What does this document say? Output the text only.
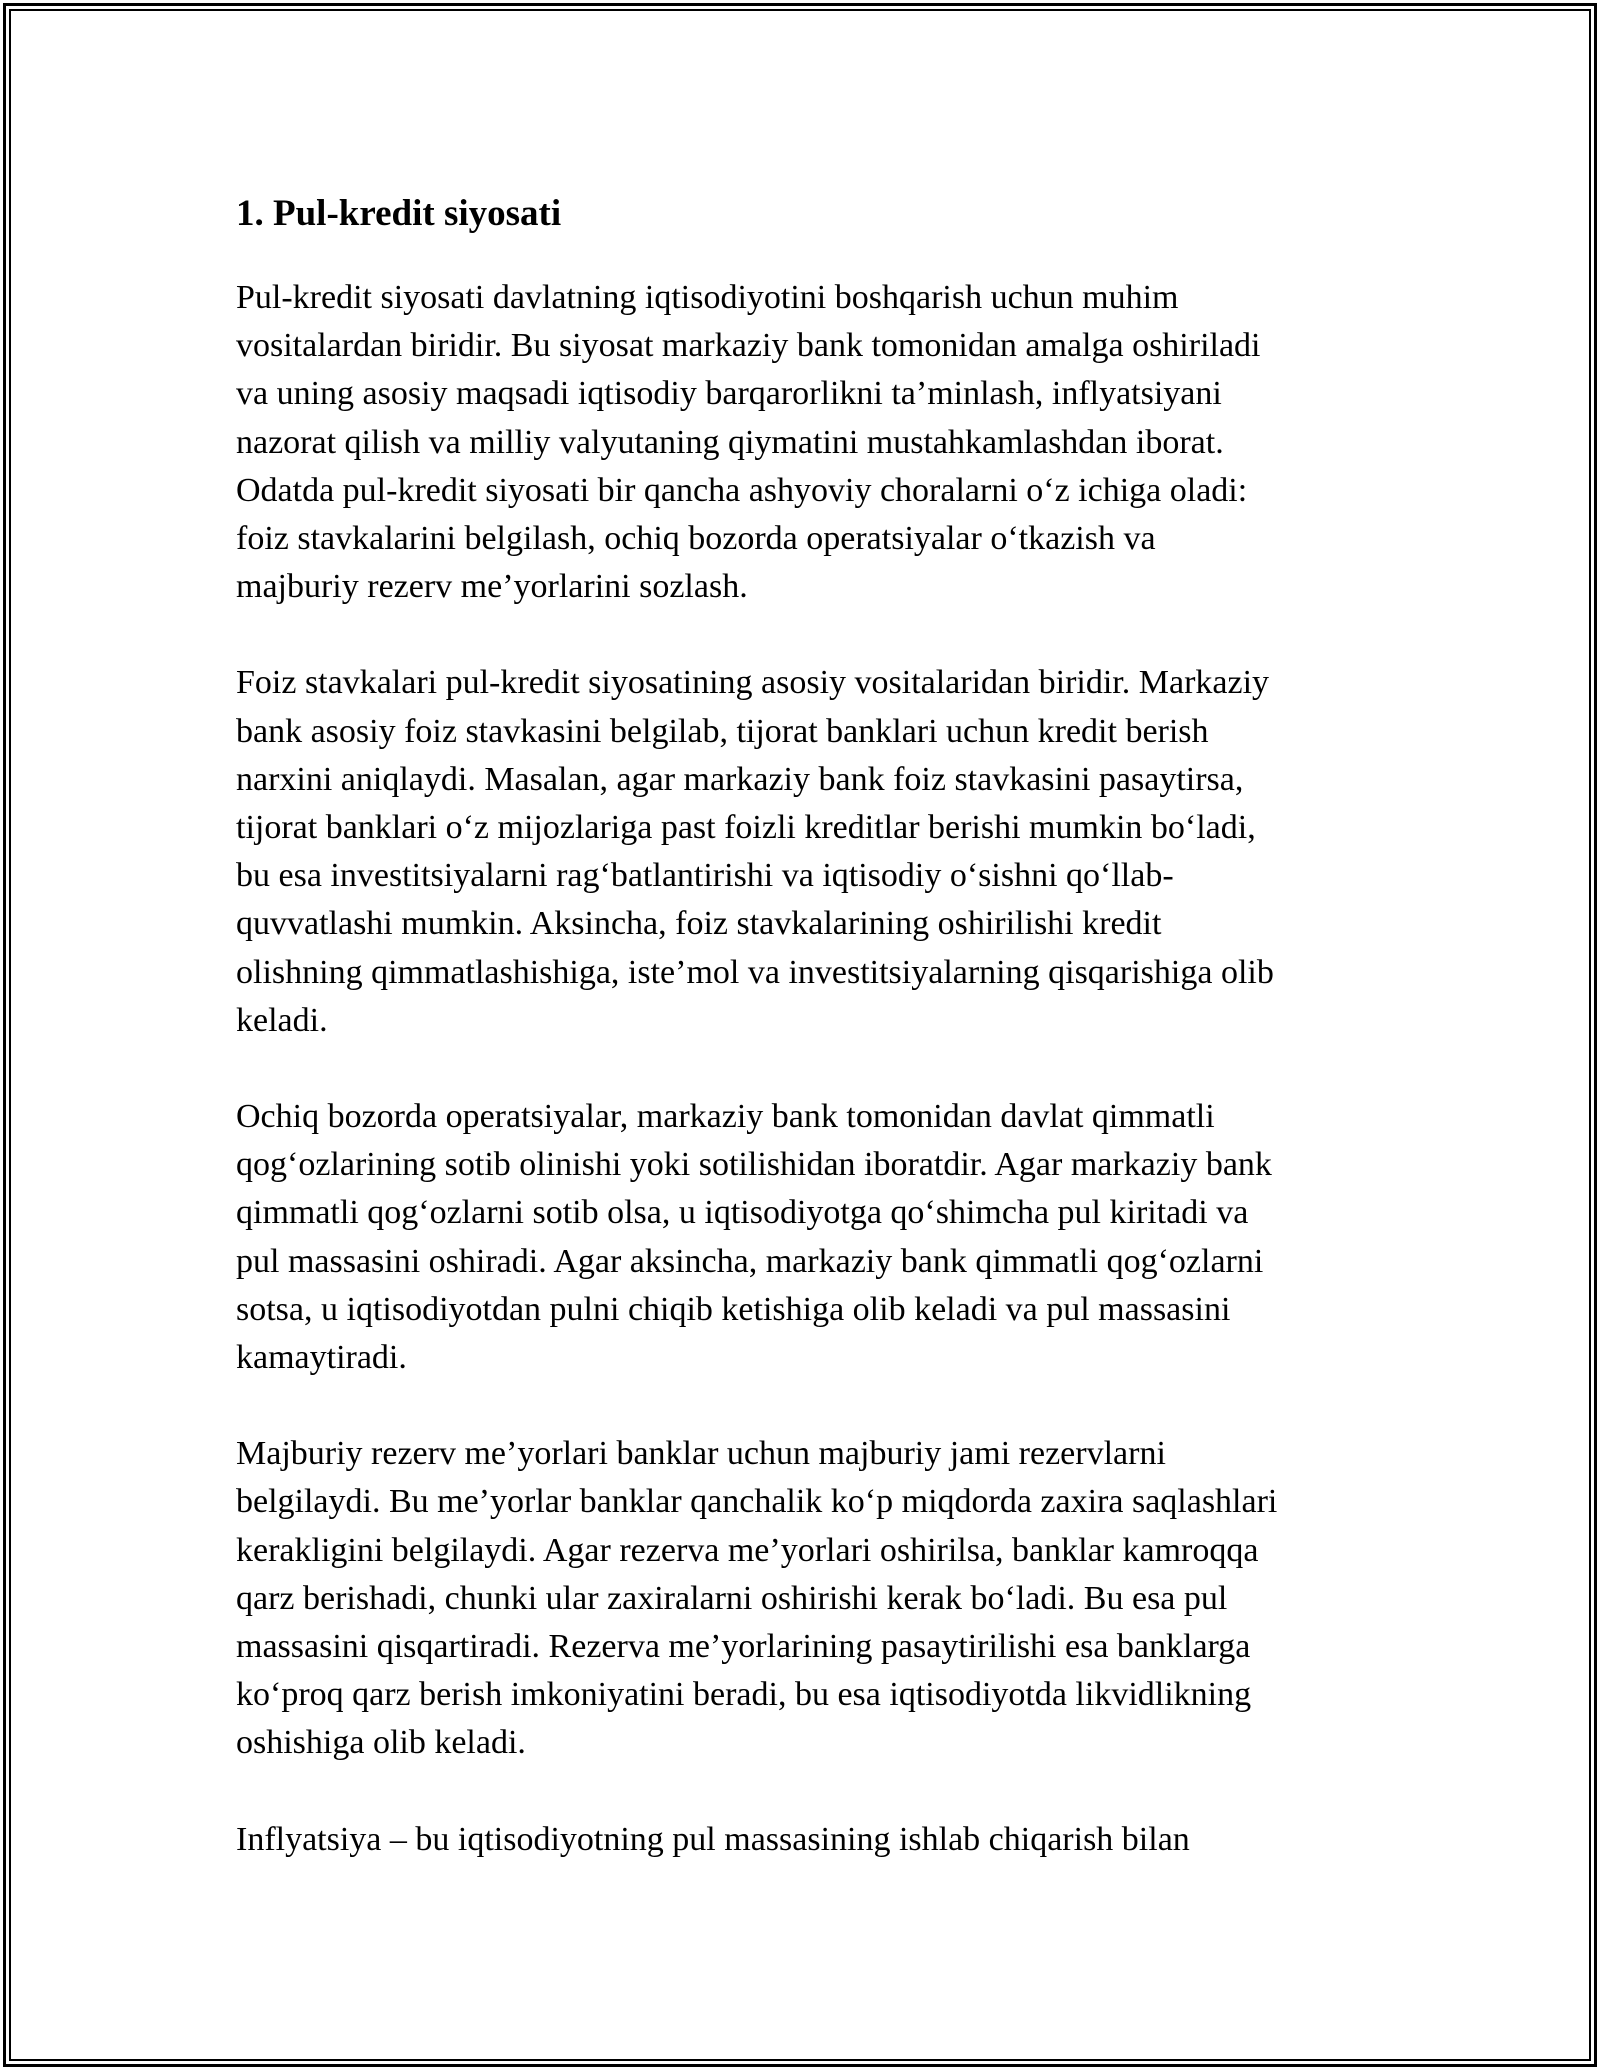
1. Pul-kredit siyosati

Pul-kredit siyosati davlatning iqtisodiyotini boshqarish uchun muhim
vositalardan biridir. Bu siyosat markaziy bank tomonidan amalga oshiriladi
va uning asosiy maqsadi iqtisodiy barqarorlikni ta’minlash, inflyatsiyani
nazorat qilish va milliy valyutaning qiymatini mustahkamlashdan iborat.
Odatda pul-kredit siyosati bir qancha ashyoviy choralarni o‘z ichiga oladi:
foiz stavkalarini belgilash, ochiq bozorda operatsiyalar o‘tkazish va
majburiy rezerv me’yorlarini sozlash.

Foiz stavkalari pul-kredit siyosatining asosiy vositalaridan biridir. Markaziy
bank asosiy foiz stavkasini belgilab, tijorat banklari uchun kredit berish
narxini aniqlaydi. Masalan, agar markaziy bank foiz stavkasini pasaytirsa,
tijorat banklari o‘z mijozlariga past foizli kreditlar berishi mumkin bo‘ladi,
bu esa investitsiyalarni rag‘batlantirishi va iqtisodiy o‘sishni qo‘llab-
quvvatlashi mumkin. Aksincha, foiz stavkalarining oshirilishi kredit
olishning qimmatlashishiga, iste’mol va investitsiyalarning qisqarishiga olib
keladi.

Ochiq bozorda operatsiyalar, markaziy bank tomonidan davlat qimmatli
qog‘ozlarining sotib olinishi yoki sotilishidan iboratdir. Agar markaziy bank
qimmatli qog‘ozlarni sotib olsa, u iqtisodiyotga qo‘shimcha pul kiritadi va
pul massasini oshiradi. Agar aksincha, markaziy bank qimmatli qog‘ozlarni
sotsa, u iqtisodiyotdan pulni chiqib ketishiga olib keladi va pul massasini
kamaytiradi.

Majburiy rezerv me’yorlari banklar uchun majburiy jami rezervlarni
belgilaydi. Bu me’yorlar banklar qanchalik ko‘p miqdorda zaxira saqlashlari
kerakligini belgilaydi. Agar rezerva me’yorlari oshirilsa, banklar kamroqqa
qarz berishadi, chunki ular zaxiralarni oshirishi kerak bo‘ladi. Bu esa pul
massasini qisqartiradi. Rezerva me’yorlarining pasaytirilishi esa banklarga
ko‘proq qarz berish imkoniyatini beradi, bu esa iqtisodiyotda likvidlikning
oshishiga olib keladi.

Inflyatsiya – bu iqtisodiyotning pul massasining ishlab chiqarish bilan
